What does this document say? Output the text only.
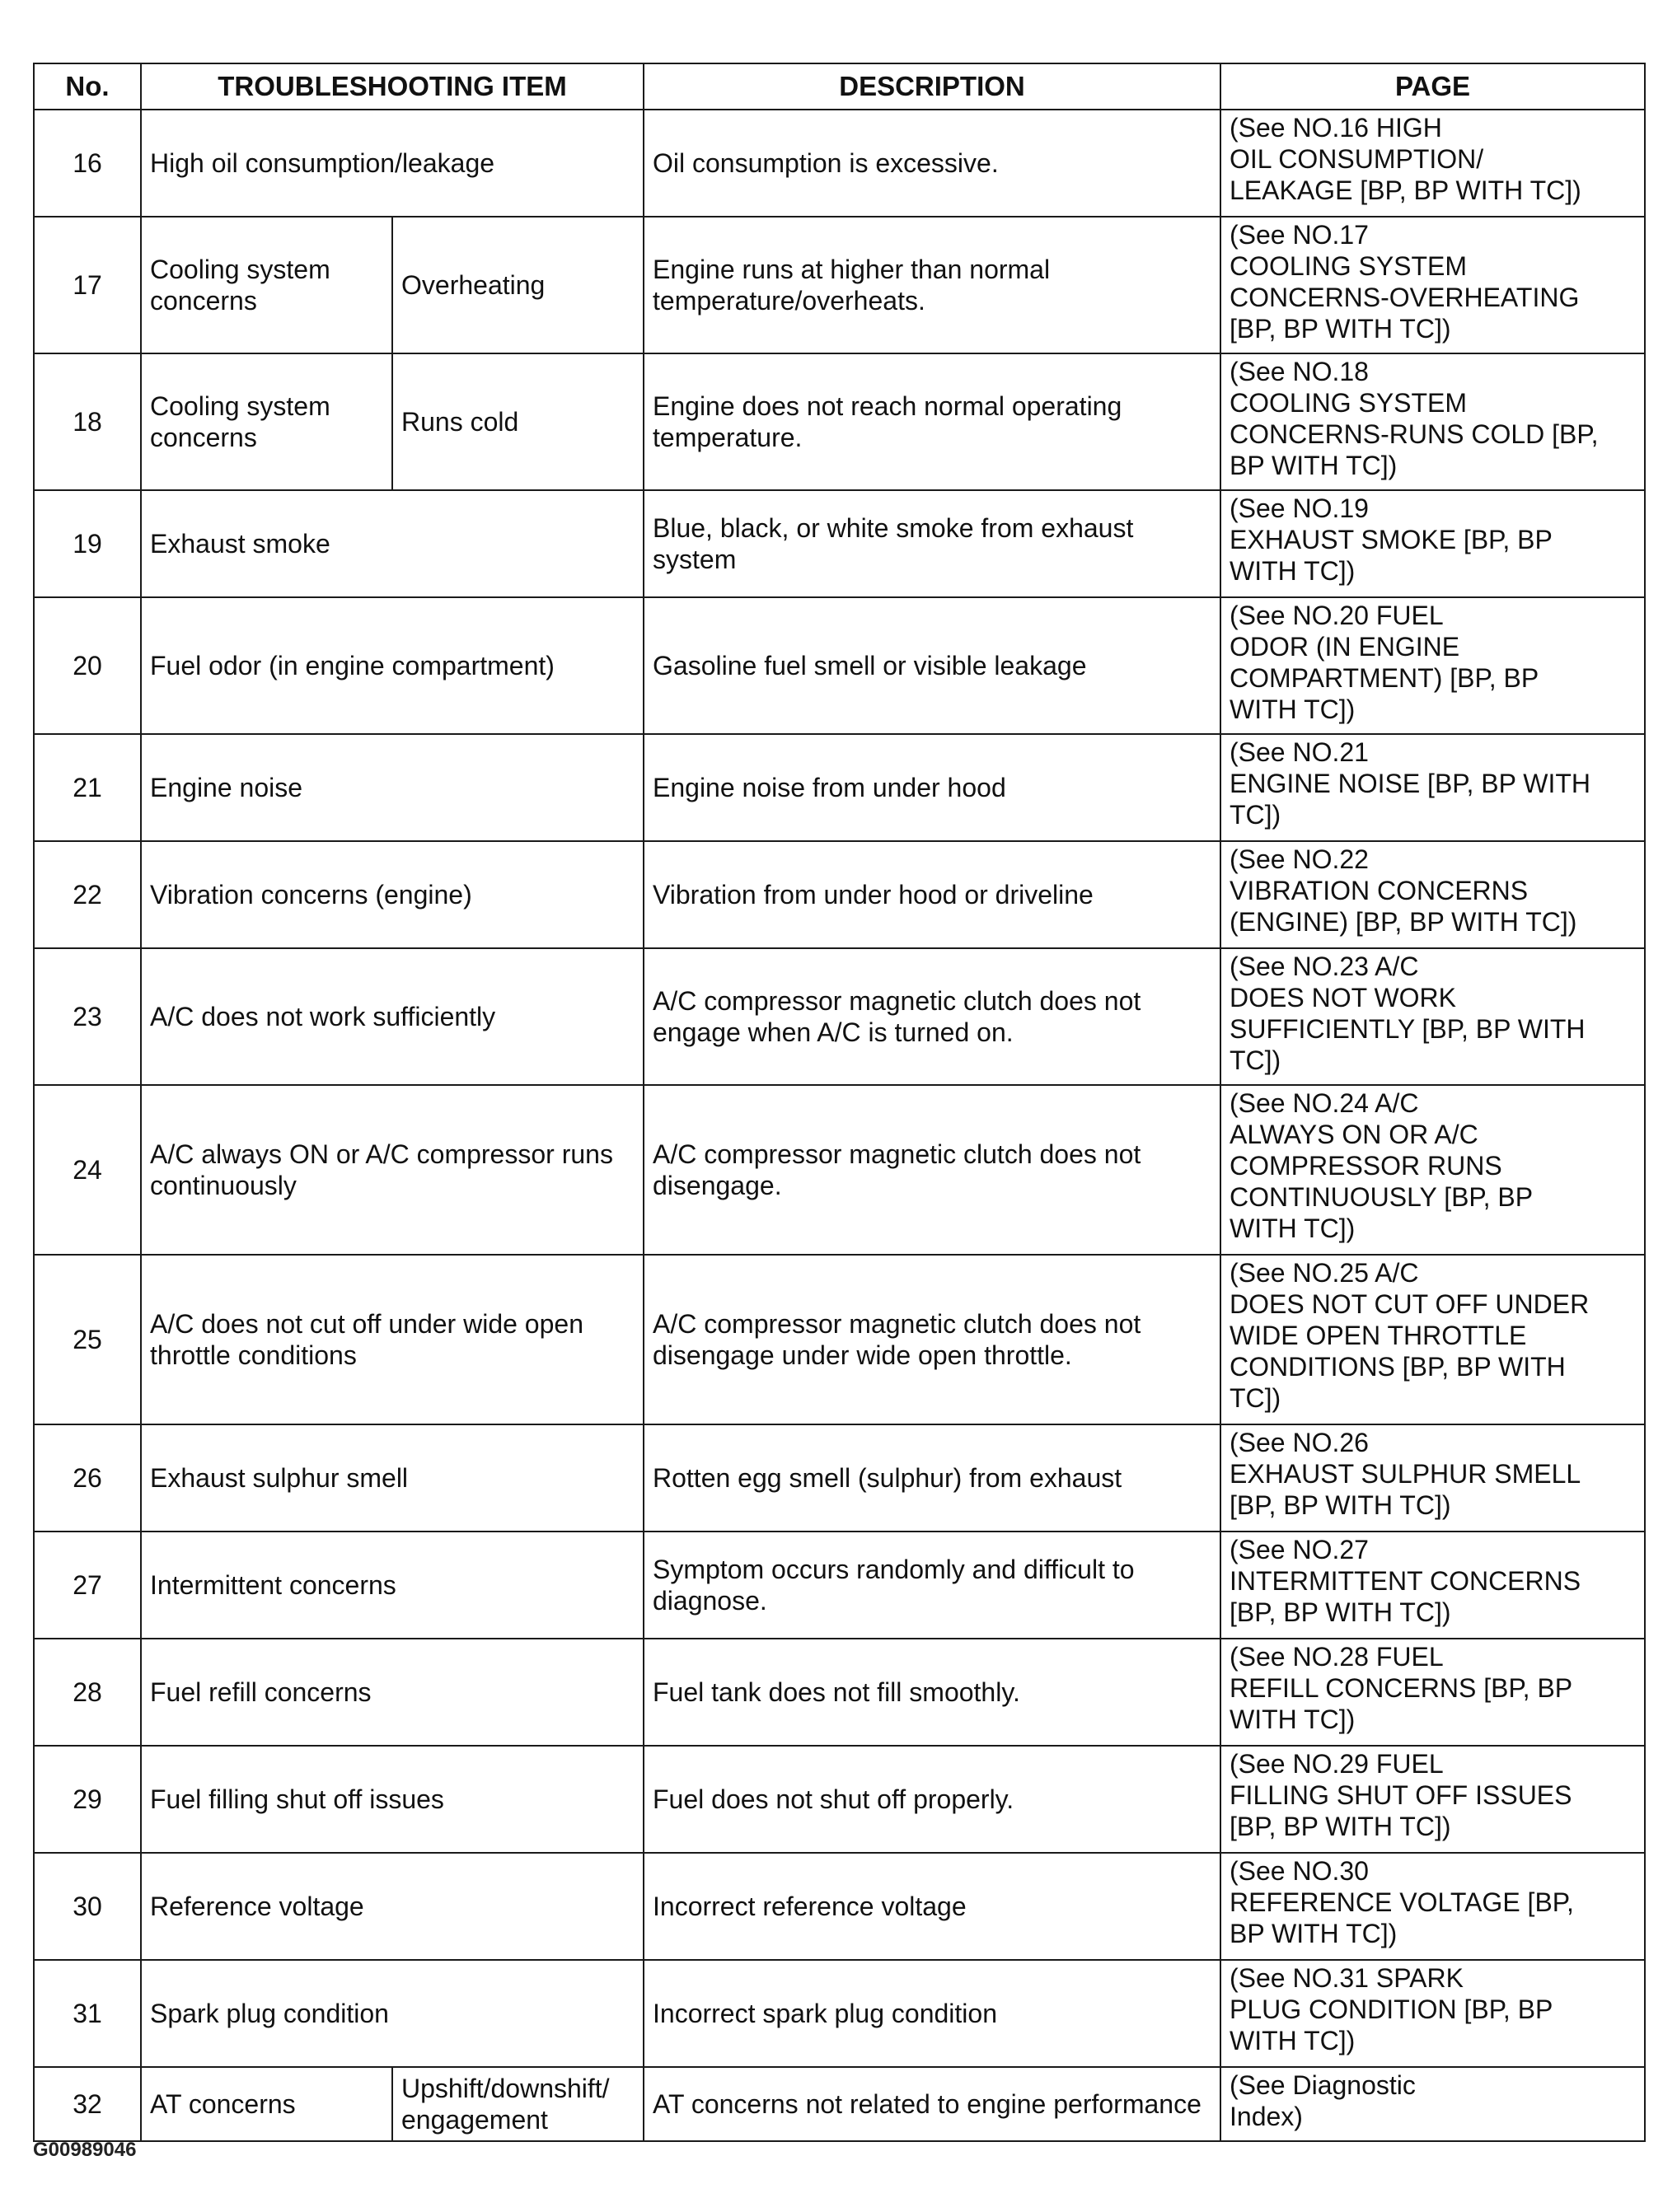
No.	TROUBLESHOOTING ITEM		DESCRIPTION	PAGE
16	High oil consumption/leakage		Oil consumption is excessive.	(See NO.16 HIGH
OIL CONSUMPTION/
LEAKAGE [BP, BP WITH TC])
17	Cooling system concerns	Overheating	Engine runs at higher than normal temperature/overheats.	(See NO.17
COOLING SYSTEM
CONCERNS-OVERHEATING
[BP, BP WITH TC])
18	Cooling system concerns	Runs cold	Engine does not reach normal operating temperature.	(See NO.18
COOLING SYSTEM
CONCERNS-RUNS COLD [BP,
BP WITH TC])
19	Exhaust smoke		Blue, black, or white smoke from exhaust system	(See NO.19
EXHAUST SMOKE [BP, BP
WITH TC])
20	Fuel odor (in engine compartment)		Gasoline fuel smell or visible leakage	(See NO.20 FUEL
ODOR (IN ENGINE
COMPARTMENT) [BP, BP
WITH TC])
21	Engine noise		Engine noise from under hood	(See NO.21
ENGINE NOISE [BP, BP WITH
TC])
22	Vibration concerns (engine)		Vibration from under hood or driveline	(See NO.22
VIBRATION CONCERNS
(ENGINE) [BP, BP WITH TC])
23	A/C does not work sufficiently		A/C compressor magnetic clutch does not engage when A/C is turned on.	(See NO.23 A/C
DOES NOT WORK
SUFFICIENTLY [BP, BP WITH
TC])
24	A/C always ON or A/C compressor runs continuously		A/C compressor magnetic clutch does not disengage.	(See NO.24 A/C
ALWAYS ON OR A/C
COMPRESSOR RUNS
CONTINUOUSLY [BP, BP
WITH TC])
25	A/C does not cut off under wide open throttle conditions		A/C compressor magnetic clutch does not disengage under wide open throttle.	(See NO.25 A/C
DOES NOT CUT OFF UNDER
WIDE OPEN THROTTLE
CONDITIONS [BP, BP WITH
TC])
26	Exhaust sulphur smell		Rotten egg smell (sulphur) from exhaust	(See NO.26
EXHAUST SULPHUR SMELL
[BP, BP WITH TC])
27	Intermittent concerns		Symptom occurs randomly and difficult to diagnose.	(See NO.27
INTERMITTENT CONCERNS
[BP, BP WITH TC])
28	Fuel refill concerns		Fuel tank does not fill smoothly.	(See NO.28 FUEL
REFILL CONCERNS [BP, BP
WITH TC])
29	Fuel filling shut off issues		Fuel does not shut off properly.	(See NO.29 FUEL
FILLING SHUT OFF ISSUES
[BP, BP WITH TC])
30	Reference voltage		Incorrect reference voltage	(See NO.30
REFERENCE VOLTAGE [BP,
BP WITH TC])
31	Spark plug condition		Incorrect spark plug condition	(See NO.31 SPARK
PLUG CONDITION [BP, BP
WITH TC])
32	AT concerns	Upshift/downshift/ engagement	AT concerns not related to engine performance	(See Diagnostic
Index)
G00989046
